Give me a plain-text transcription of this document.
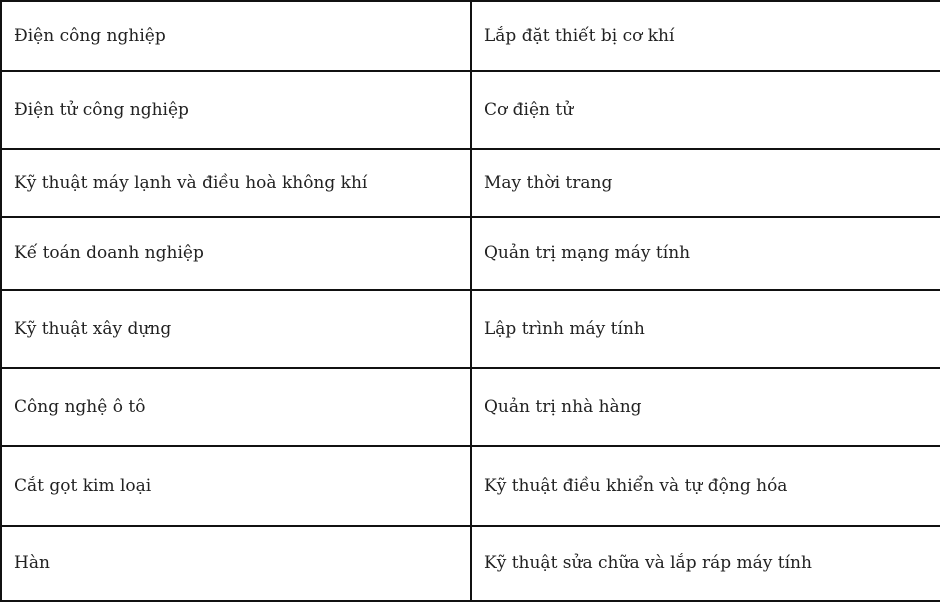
Điện công nghiệp	Lắp đặt thiết bị cơ khí
Điện tử công nghiệp	Cơ điện tử
Kỹ thuật máy lạnh và điều hoà không khí	May thời trang
Kế toán doanh nghiệp	Quản trị mạng máy tính
Kỹ thuật xây dựng	Lập trình máy tính
Công nghệ ô tô	Quản trị nhà hàng
Cắt gọt kim loại	Kỹ thuật điều khiển và tự động hóa
Hàn	Kỹ thuật sửa chữa và lắp ráp máy tính
